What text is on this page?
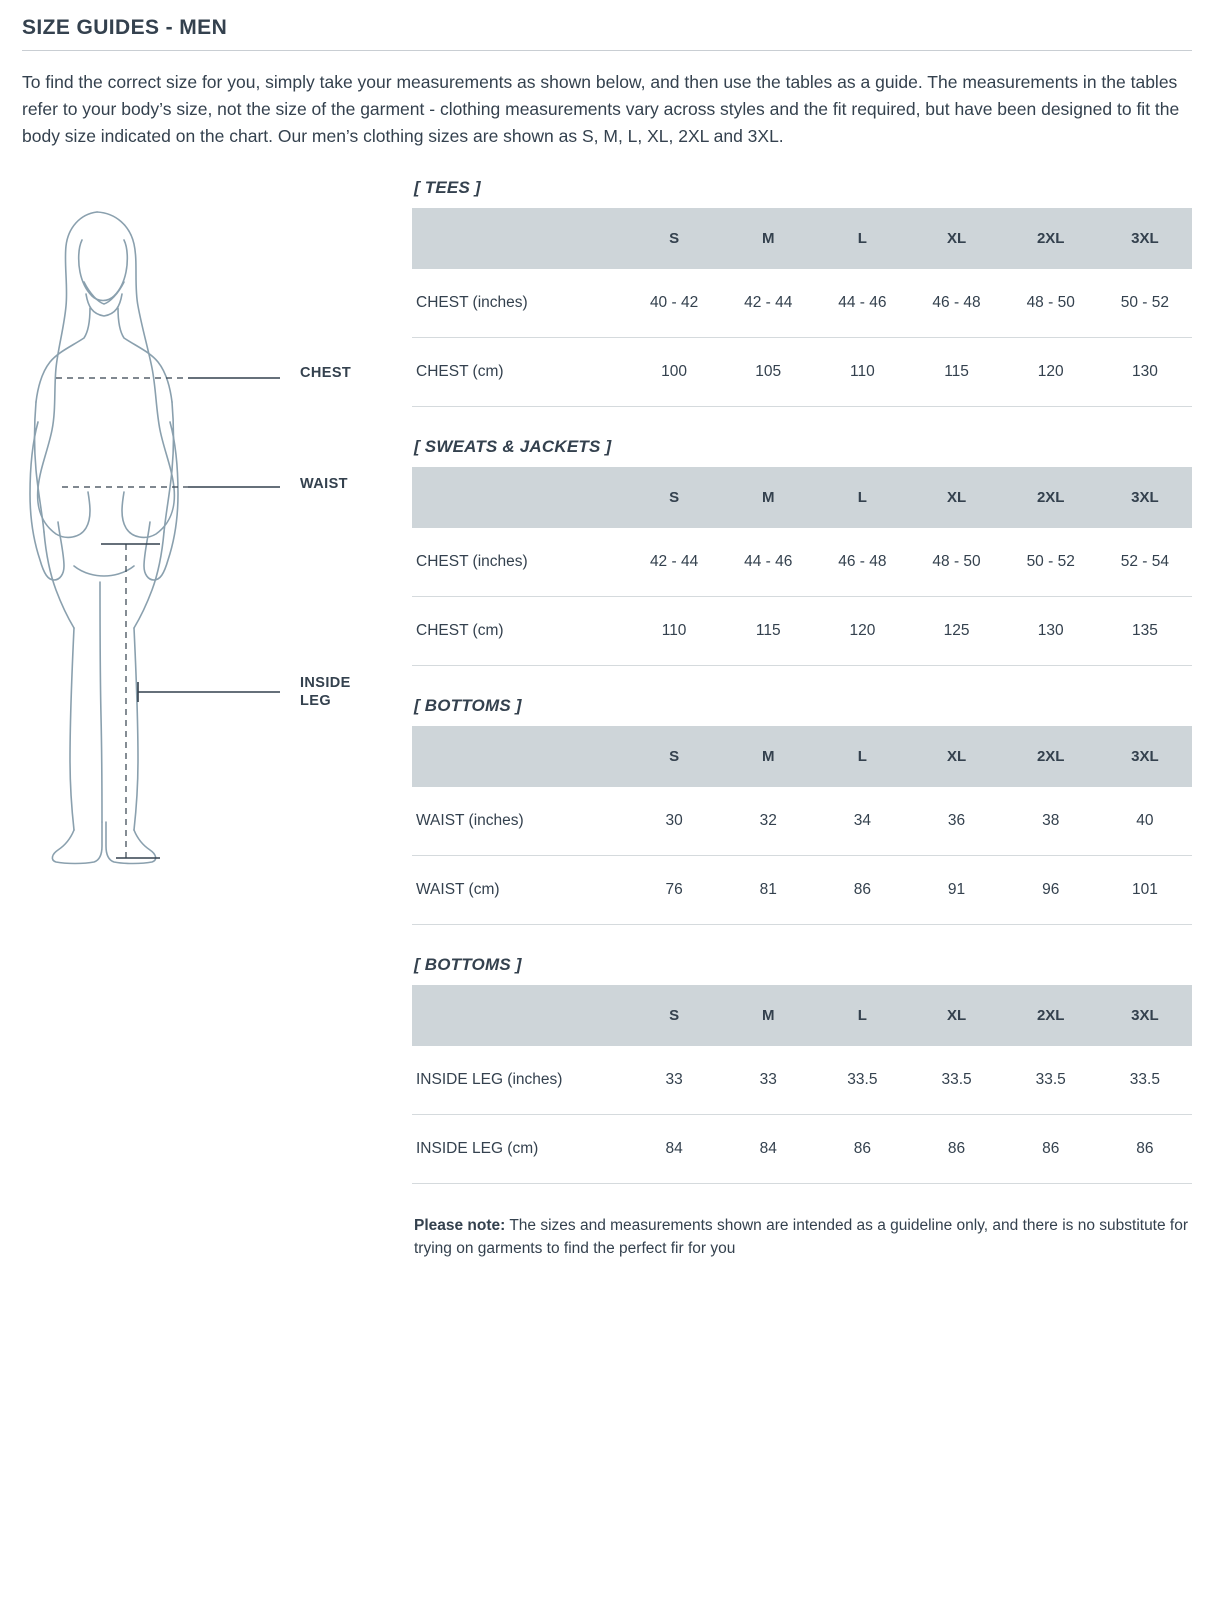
SIZE GUIDES - MEN

To find the correct size for you, simply take your measurements as shown below, and then use the tables as a guide. The measurements in the tables refer to your body’s size, not the size of the garment - clothing measurements vary across styles and the fit required, but have been designed to fit the body size indicated on the chart. Our men’s clothing sizes are shown as S, M, L, XL, 2XL and 3XL.

CHEST
WAIST
INSIDE
LEG
[ TEES ]
	S	M	L	XL	2XL	3XL
CHEST (inches)	40 - 42	42 - 44	44 - 46	46 - 48	48 - 50	50 - 52
CHEST (cm)	100	105	110	115	120	130
[ SWEATS & JACKETS ]
	S	M	L	XL	2XL	3XL
CHEST (inches)	42 - 44	44 - 46	46 - 48	48 - 50	50 - 52	52 - 54
CHEST (cm)	110	115	120	125	130	135
[ BOTTOMS ]
	S	M	L	XL	2XL	3XL
WAIST (inches)	30	32	34	36	38	40
WAIST (cm)	76	81	86	91	96	101
[ BOTTOMS ]
	S	M	L	XL	2XL	3XL
INSIDE LEG (inches)	33	33	33.5	33.5	33.5	33.5
INSIDE LEG (cm)	84	84	86	86	86	86

Please note: The sizes and measurements shown are intended as a guideline only, and there is no substitute for trying on garments to find the perfect fir for you
